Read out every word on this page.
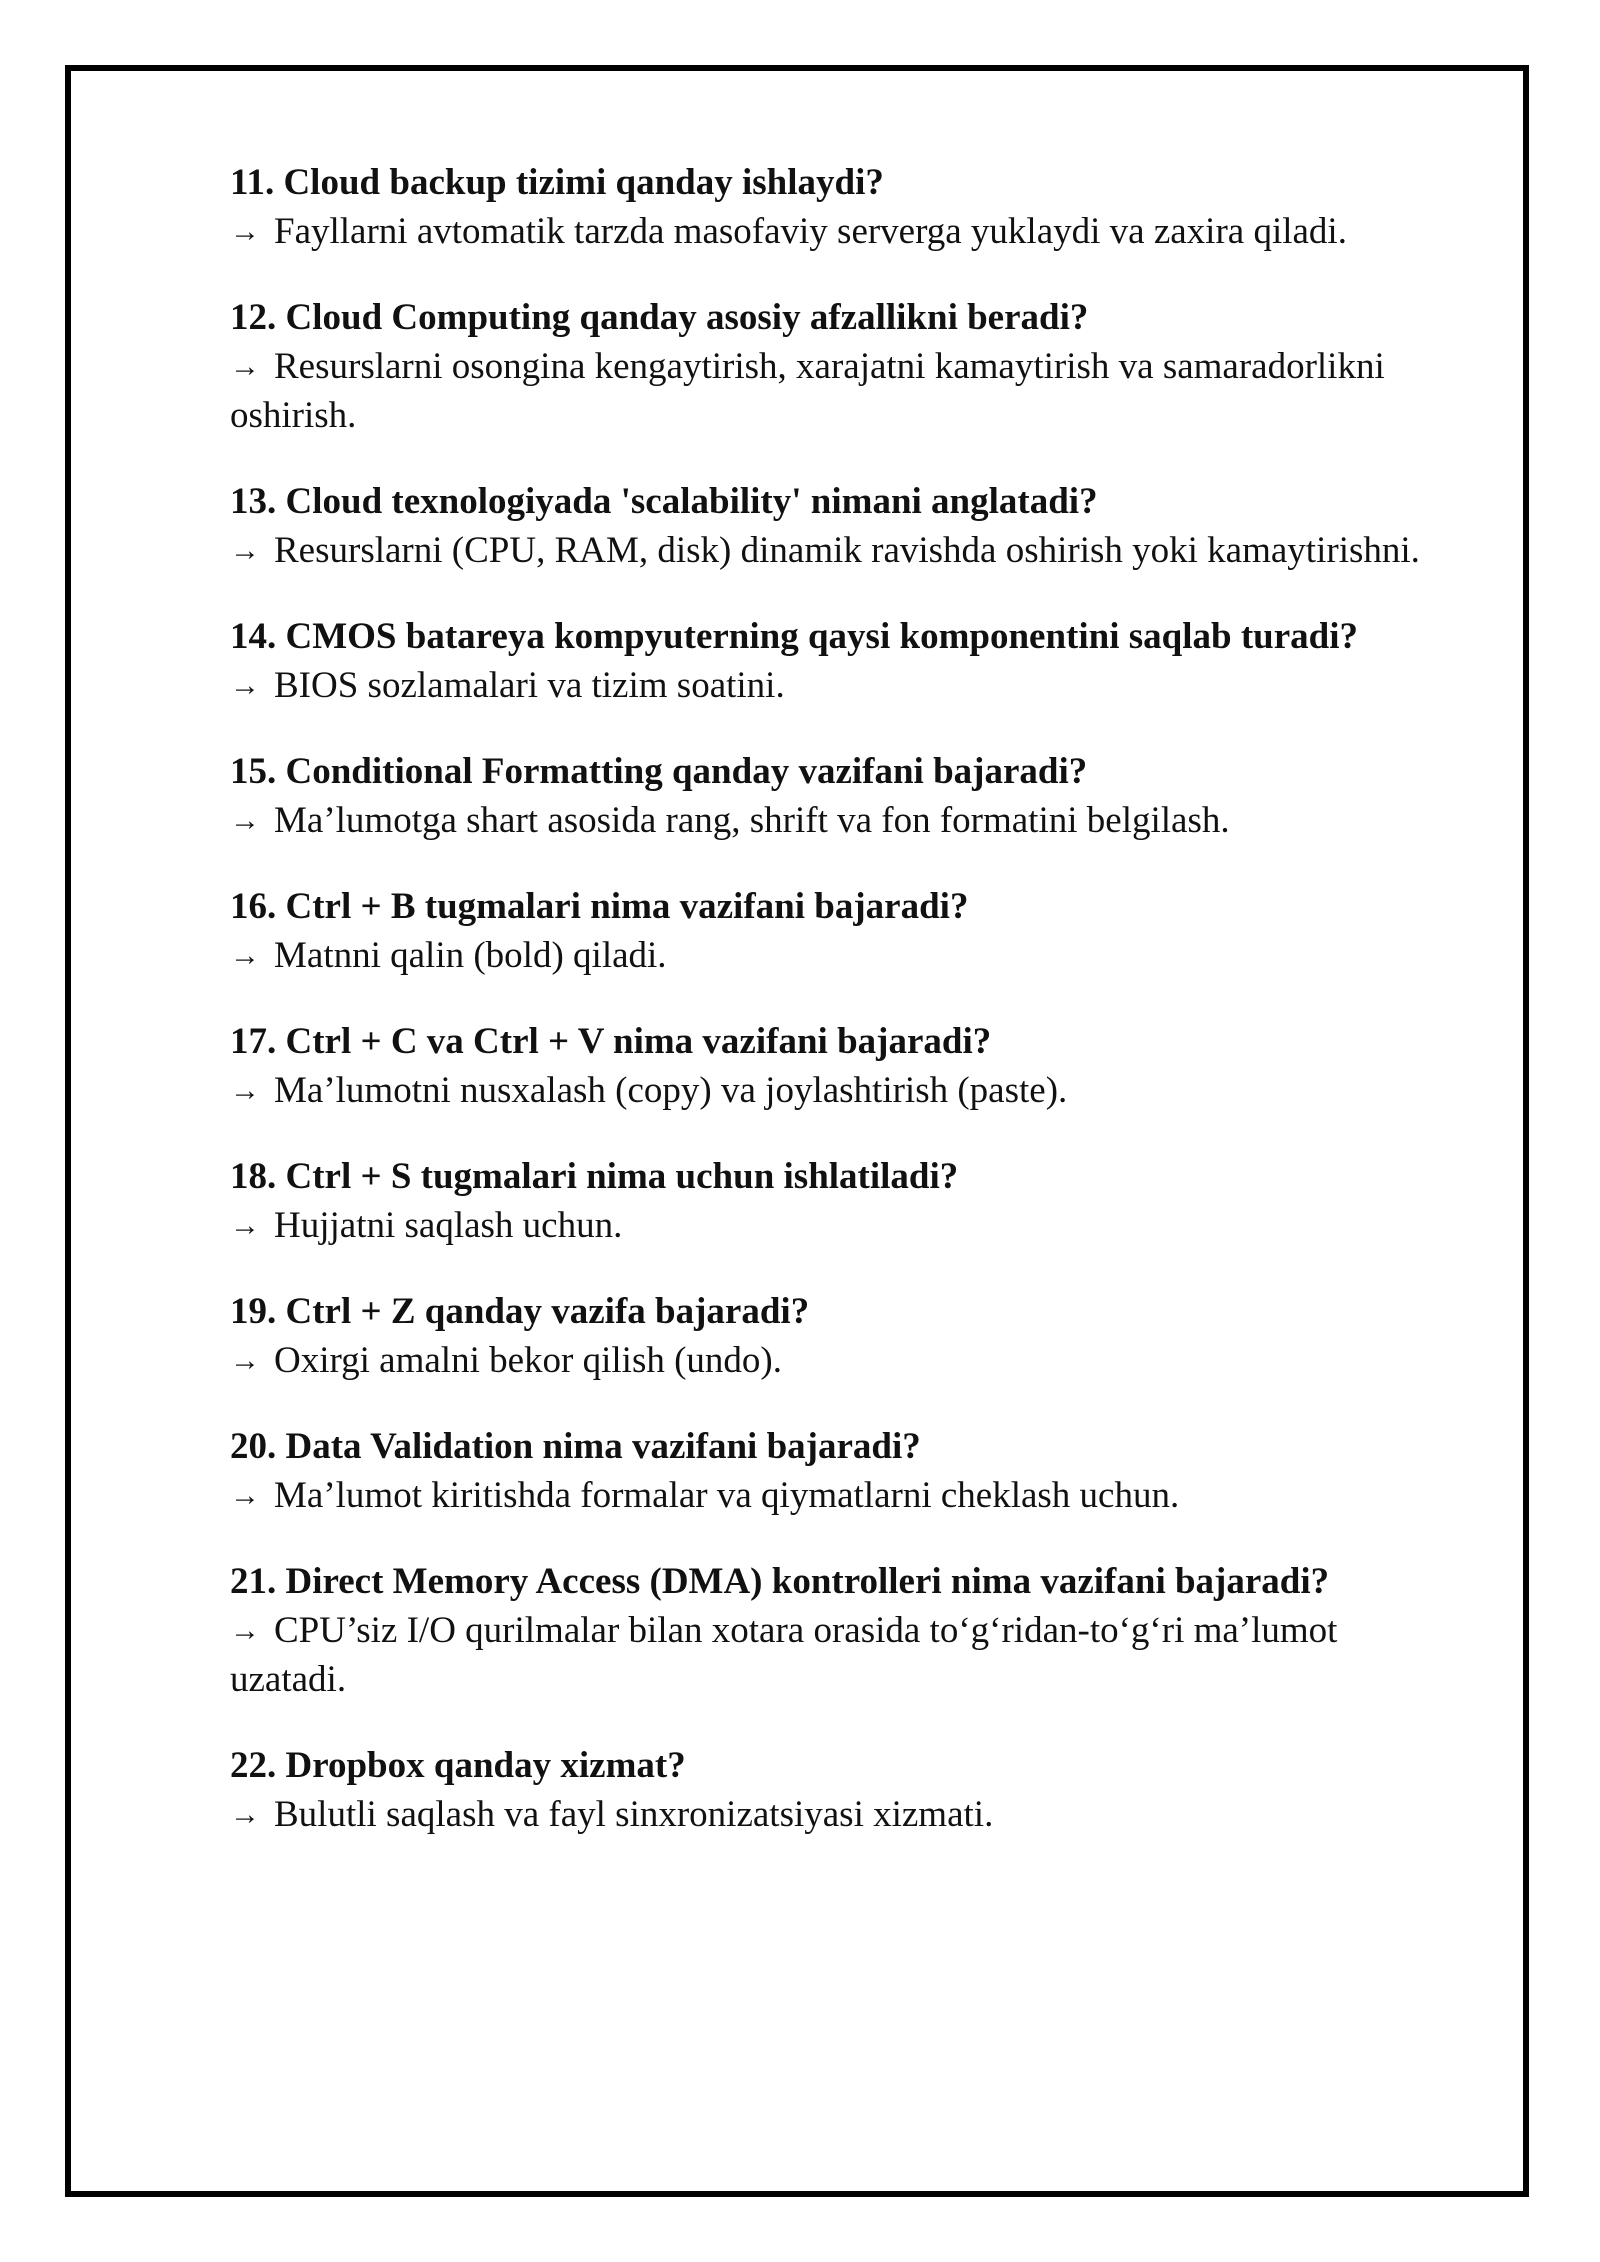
11. Cloud backup tizimi qanday ishlaydi?

→ Fayllarni avtomatik tarzda masofaviy serverga yuklaydi va zaxira qiladi.

12. Cloud Computing qanday asosiy afzallikni beradi?

→ Resurslarni osongina kengaytirish, xarajatni kamaytirish va samaradorlikni oshirish.

13. Cloud texnologiyada 'scalability' nimani anglatadi?

→ Resurslarni (CPU, RAM, disk) dinamik ravishda oshirish yoki kamaytirishni.

14. CMOS batareya kompyuterning qaysi komponentini saqlab turadi?

→ BIOS sozlamalari va tizim soatini.

15. Conditional Formatting qanday vazifani bajaradi?

→ Ma’lumotga shart asosida rang, shrift va fon formatini belgilash.

16. Ctrl + B tugmalari nima vazifani bajaradi?

→ Matnni qalin (bold) qiladi.

17. Ctrl + C va Ctrl + V nima vazifani bajaradi?

→ Ma’lumotni nusxalash (copy) va joylashtirish (paste).

18. Ctrl + S tugmalari nima uchun ishlatiladi?

→ Hujjatni saqlash uchun.

19. Ctrl + Z qanday vazifa bajaradi?

→ Oxirgi amalni bekor qilish (undo).

20. Data Validation nima vazifani bajaradi?

→ Ma’lumot kiritishda formalar va qiymatlarni cheklash uchun.

21. Direct Memory Access (DMA) kontrolleri nima vazifani bajaradi?

→ CPU’siz I/O qurilmalar bilan xotara orasida to‘g‘ridan-to‘g‘ri ma’lumot uzatadi.

22. Dropbox qanday xizmat?

→ Bulutli saqlash va fayl sinxronizatsiyasi xizmati.
